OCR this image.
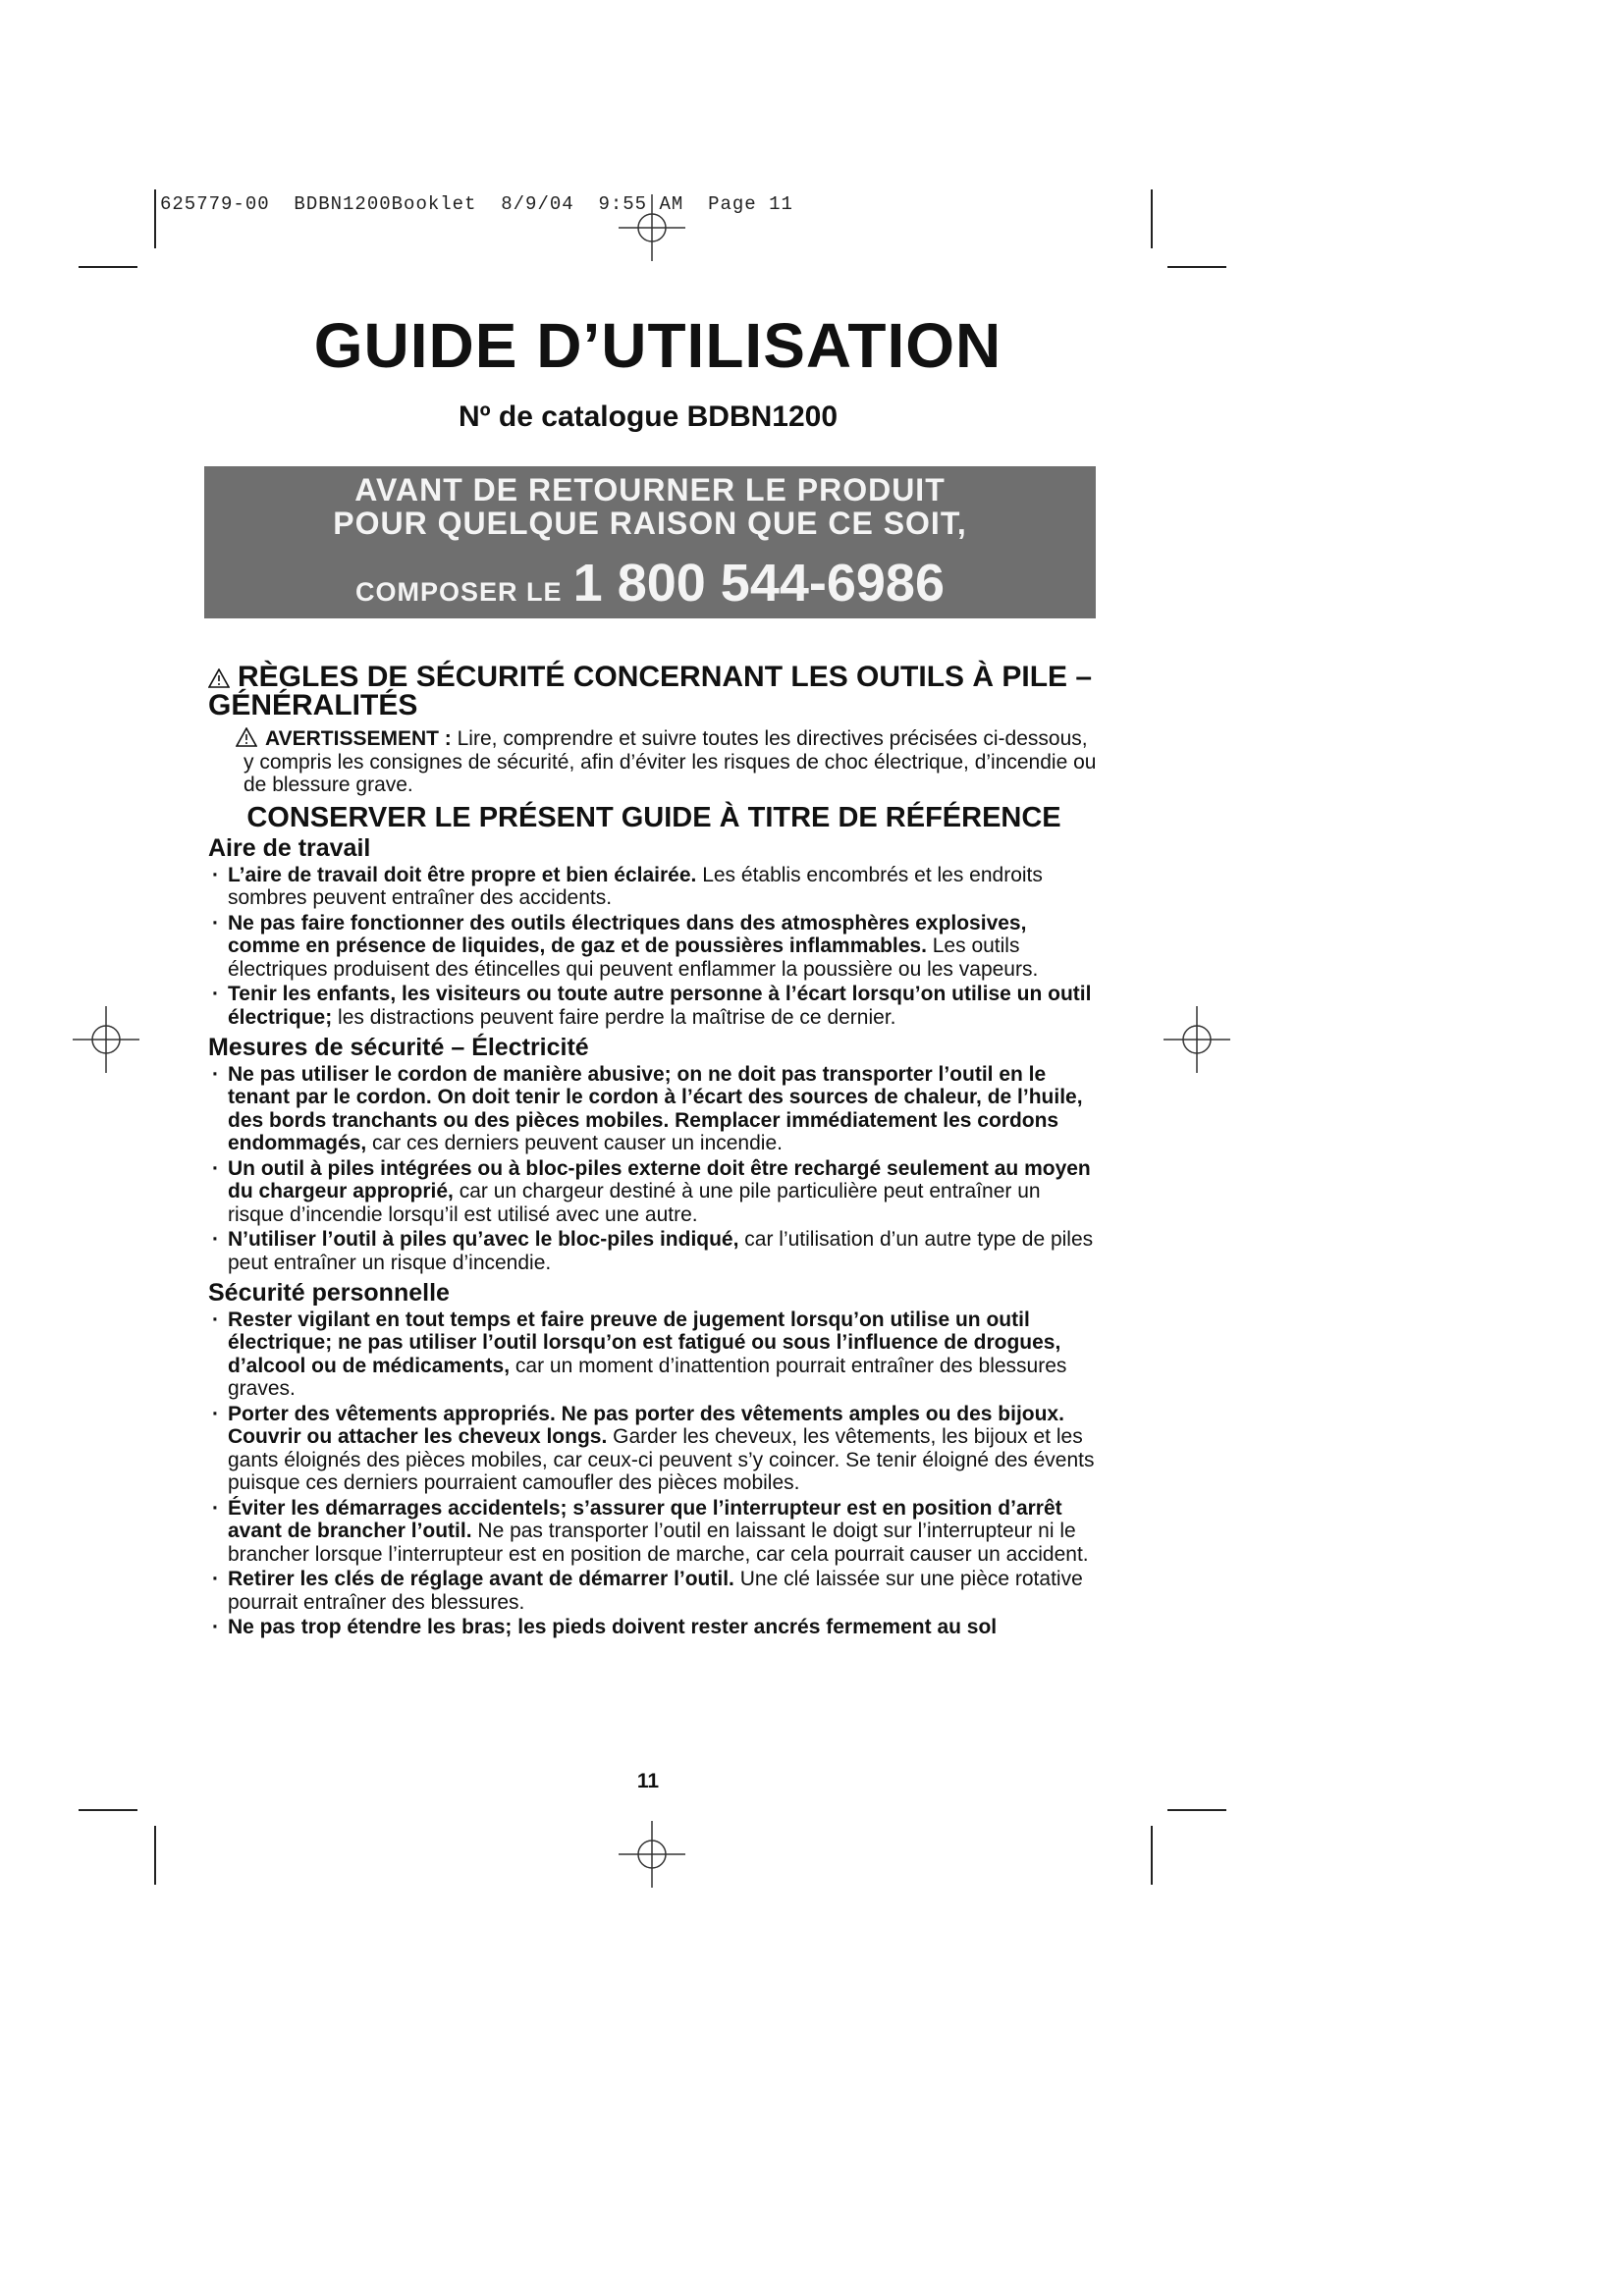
625779-00  BDBN1200Booklet  8/9/04  9:55 AM  Page 11
GUIDE D’UTILISATION
Nº de catalogue BDBN1200
AVANT DE RETOURNER LE PRODUIT
POUR QUELQUE RAISON QUE CE SOIT,
COMPOSER LE 1 800 544-6986
RÈGLES DE SÉCURITÉ CONCERNANT LES OUTILS À PILE – GÉNÉRALITÉS
AVERTISSEMENT : Lire, comprendre et suivre toutes les directives précisées ci-dessous, y compris les consignes de sécurité, afin d’éviter les risques de choc électrique, d’incendie ou de blessure grave.
CONSERVER LE PRÉSENT GUIDE À TITRE DE RÉFÉRENCE
Aire de travail
· L’aire de travail doit être propre et bien éclairée. Les établis encombrés et les endroits sombres peuvent entraîner des accidents.
· Ne pas faire fonctionner des outils électriques dans des atmosphères explosives, comme en présence de liquides, de gaz et de poussières inflammables. Les outils électriques produisent des étincelles qui peuvent enflammer la poussière ou les vapeurs.
· Tenir les enfants, les visiteurs ou toute autre personne à l’écart lorsqu’on utilise un outil électrique; les distractions peuvent faire perdre la maîtrise de ce dernier.
Mesures de sécurité – Électricité
· Ne pas utiliser le cordon de manière abusive; on ne doit pas transporter l’outil en le tenant par le cordon. On doit tenir le cordon à l’écart des sources de chaleur, de l’huile, des bords tranchants ou des pièces mobiles. Remplacer immédiatement les cordons endommagés, car ces derniers peuvent causer un incendie.
· Un outil à piles intégrées ou à bloc-piles externe doit être rechargé seulement au moyen du chargeur approprié, car un chargeur destiné à une pile particulière peut entraîner un risque d’incendie lorsqu’il est utilisé avec une autre.
· N’utiliser l’outil à piles qu’avec le bloc-piles indiqué, car l’utilisation d’un autre type de piles peut entraîner un risque d’incendie.
Sécurité personnelle
· Rester vigilant en tout temps et faire preuve de jugement lorsqu’on utilise un outil électrique; ne pas utiliser l’outil lorsqu’on est fatigué ou sous l’influence de drogues, d’alcool ou de médicaments, car un moment d’inattention pourrait entraîner des blessures graves.
· Porter des vêtements appropriés. Ne pas porter des vêtements amples ou des bijoux. Couvrir ou attacher les cheveux longs. Garder les cheveux, les vêtements, les bijoux et les gants éloignés des pièces mobiles, car ceux-ci peuvent s’y coincer. Se tenir éloigné des évents puisque ces derniers pourraient camoufler des pièces mobiles.
· Éviter les démarrages accidentels; s’assurer que l’interrupteur est en position d’arrêt avant de brancher l’outil. Ne pas transporter l’outil en laissant le doigt sur l’interrupteur ni le brancher lorsque l’interrupteur est en position de marche, car cela pourrait causer un accident.
· Retirer les clés de réglage avant de démarrer l’outil. Une clé laissée sur une pièce rotative pourrait entraîner des blessures.
· Ne pas trop étendre les bras; les pieds doivent rester ancrés fermement au sol
11
